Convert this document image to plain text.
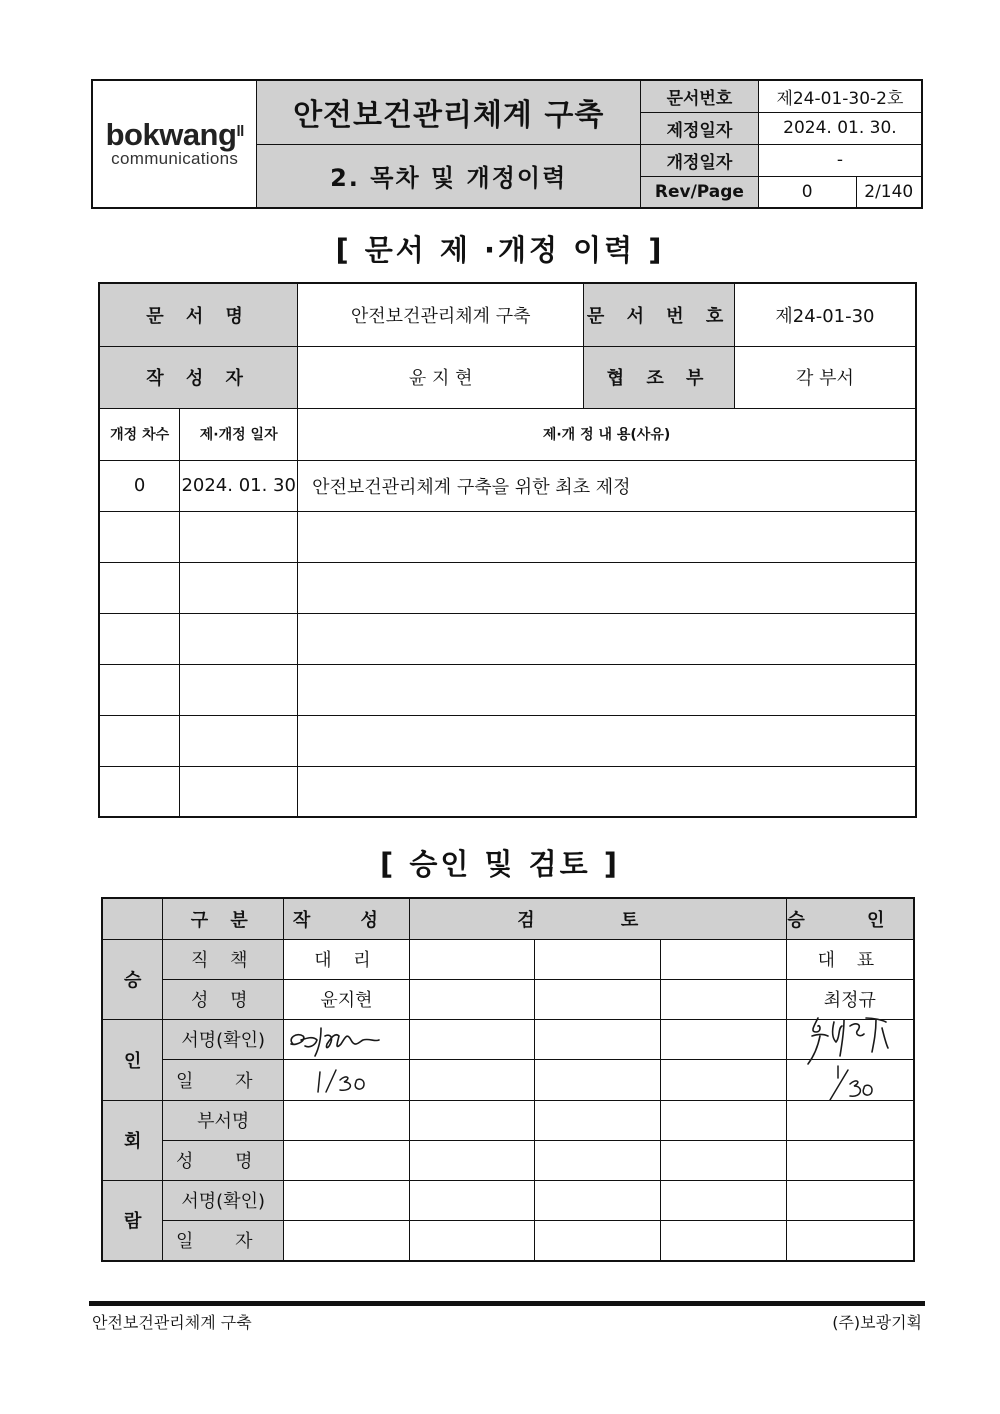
bokwang$^{ll}$
communications	안전보건관리체계 구축	문서번호	제24-01-30-2호	
		제정일자	2024. 01. 30.	
	2. 목차 및 개정이력	개정일자	-	
		Rev/Page	0	2/140
[ 문서 제 ·개정 이력 ]
문 서 명		안전보건관리체계 구축	문 서 번 호	제24-01-30
작 성 자		윤 지 현	협 조 부	각 부서
개정 차수	제·개정 일자	제·개 정 내 용(사유)		
0	2024. 01. 30	안전보건관리체계 구축을 위한 최초 제정		

[ 승인 및 검토 ]
	구 분	작 성	검 토			승 인
승	직 책	대 리				대 표
	성 명	윤지현				최정규
인	서명(확인)					
	일 자					
회	부서명					
	성 명					
람	서명(확인)					
	일 자					
안전보건관리체계 구축	(주)보광기획
